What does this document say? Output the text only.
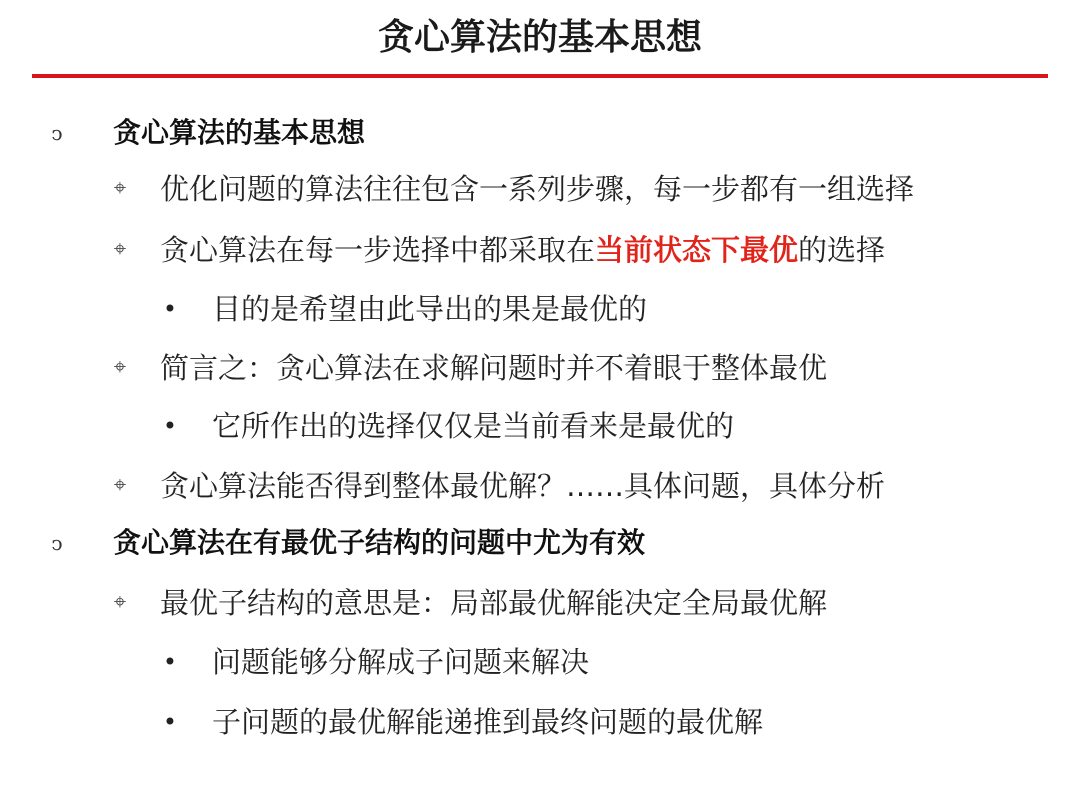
贪心算法的基本思想
ↄ	贪心算法的基本思想
⌖ 优化问题的算法往往包含一系列步骤，每一步都有一组选择
⌖ 贪心算法在每一步选择中都采取在当前状态下最优的选择
• 目的是希望由此导出的果是最优的
⌖ 简言之：贪心算法在求解问题时并不着眼于整体最优
• 它所作出的选择仅仅是当前看来是最优的
⌖ 贪心算法能否得到整体最优解？……具体问题，具体分析
ↄ	贪心算法在有最优子结构的问题中尤为有效
⌖ 最优子结构的意思是：局部最优解能决定全局最优解
• 问题能够分解成子问题来解决
• 子问题的最优解能递推到最终问题的最优解
